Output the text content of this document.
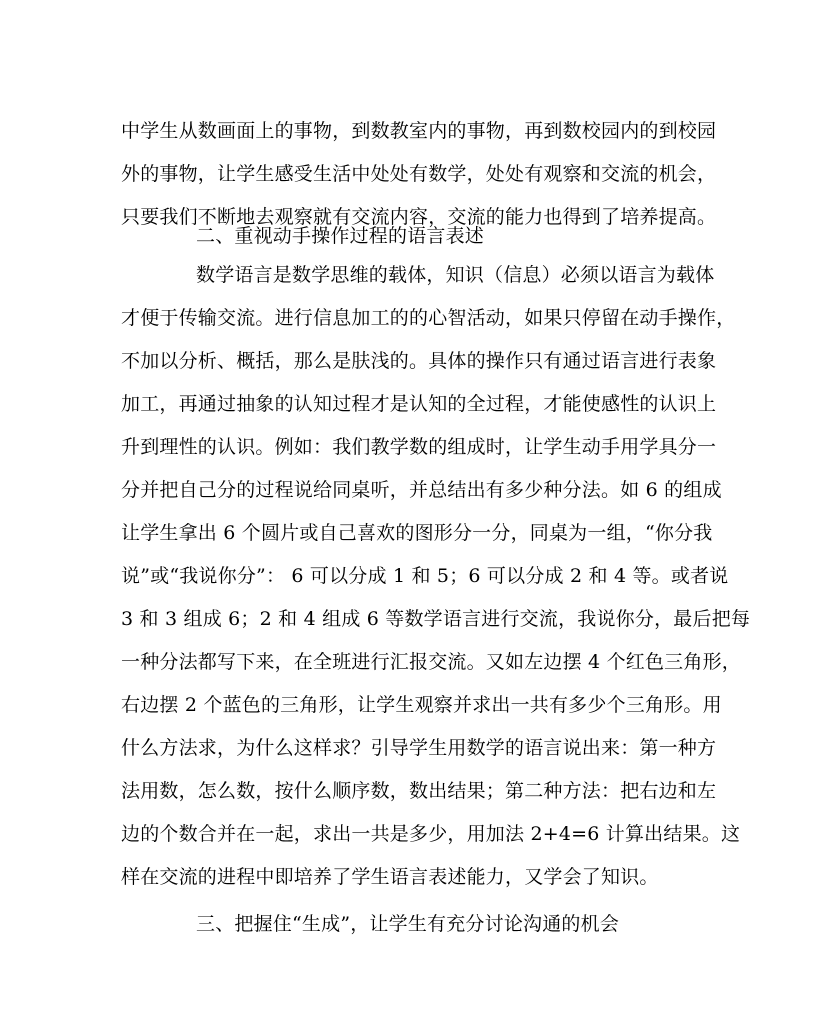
中学生从数画面上的事物，到数教室内的事物，再到数校园内的到校园
外的事物，让学生感受生活中处处有数学，处处有观察和交流的机会，
只要我们不断地去观察就有交流内容，交流的能力也得到了培养提高。
二、重视动手操作过程的语言表述
数学语言是数学思维的载体，知识（信息）必须以语言为载体
才便于传输交流。进行信息加工的的心智活动，如果只停留在动手操作，
不加以分析、概括，那么是肤浅的。具体的操作只有通过语言进行表象
加工，再通过抽象的认知过程才是认知的全过程，才能使感性的认识上
升到理性的认识。例如：我们教学数的组成时，让学生动手用学具分一
分并把自己分的过程说给同桌听，并总结出有多少种分法。如 6 的组成
让学生拿出 6 个圆片或自己喜欢的图形分一分，同桌为一组，“你分我
说”或“我说你分”： 6 可以分成 1 和 5；6 可以分成 2 和 4 等。或者说
3 和 3 组成 6；2 和 4 组成 6 等数学语言进行交流，我说你分，最后把每
一种分法都写下来，在全班进行汇报交流。又如左边摆 4 个红色三角形，
右边摆 2 个蓝色的三角形，让学生观察并求出一共有多少个三角形。用
什么方法求，为什么这样求？引导学生用数学的语言说出来：第一种方
法用数，怎么数，按什么顺序数，数出结果；第二种方法：把右边和左
边的个数合并在一起，求出一共是多少，用加法 2+4=6 计算出结果。这
样在交流的进程中即培养了学生语言表述能力，又学会了知识。
三、把握住“生成”，让学生有充分讨论沟通的机会
